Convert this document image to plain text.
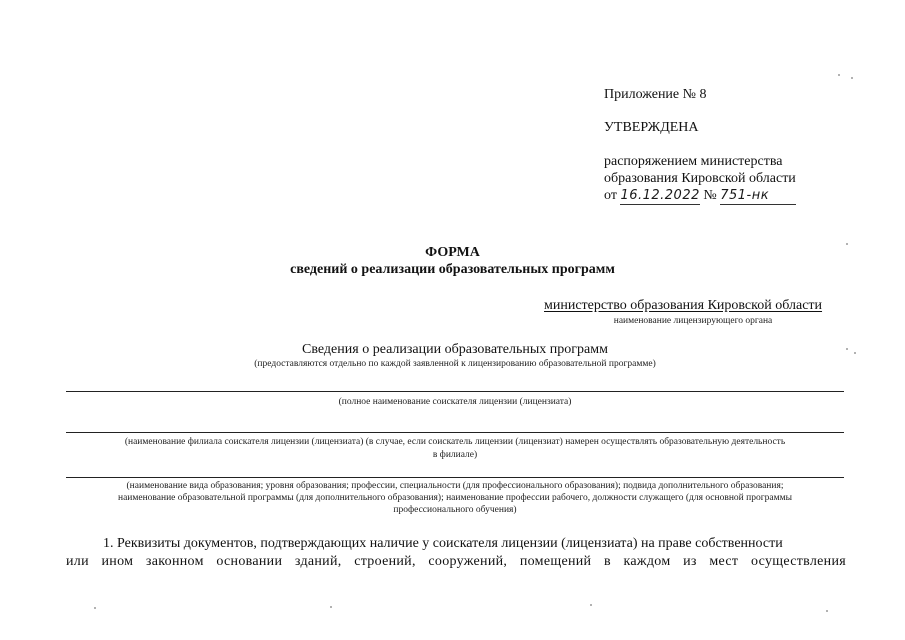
Приложение № 8
УТВЕРЖДЕНА
распоряжением министерства
образования Кировской области
от 16.12.2022 № 751-нк
ФОРМА
сведений о реализации образовательных программ
министерство образования Кировской области
наименование лицензирующего органа
Сведения о реализации образовательных программ
(предоставляются отдельно по каждой заявленной к лицензированию образовательной программе)
(полное наименование соискателя лицензии (лицензиата)
(наименование филиала соискателя лицензии (лицензиата) (в случае, если соискатель лицензии (лицензиат) намерен осуществлять образовательную деятельность
в филиале)
(наименование вида образования; уровня образования; профессии, специальности (для профессионального образования); подвида дополнительного образования;
наименование образовательной программы (для дополнительного образования); наименование профессии рабочего, должности служащего (для основной программы
профессионального обучения)
1. Реквизиты документов, подтверждающих наличие у соискателя лицензии (лицензиата) на праве собственности
или ином законном основании зданий, строений, сооружений, помещений в каждом из мест осуществления
